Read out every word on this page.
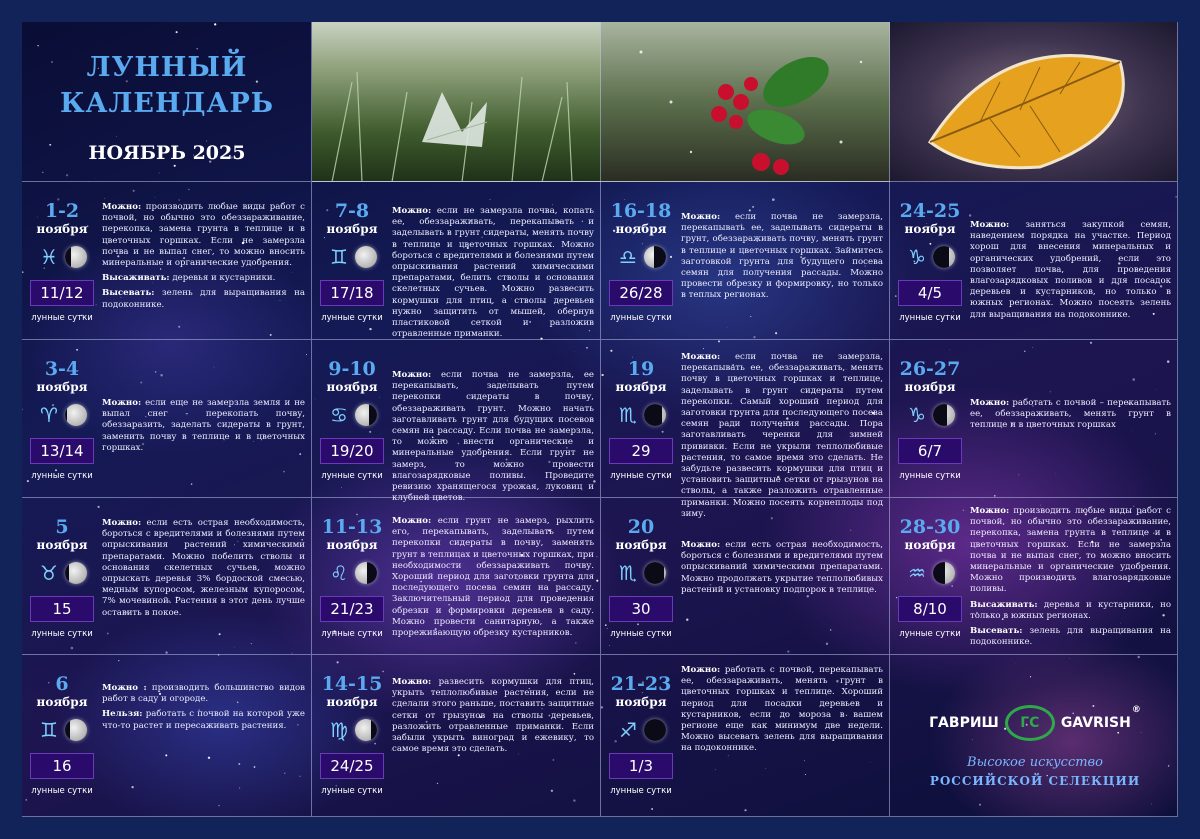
ЛУННЫЙ
КАЛЕНДАРЬ
НОЯБРЬ 2025
1-2
ноября
♓
11/12
лунные сутки

Можно: производить любые виды работ с почвой, но обычно это обеззараживание, перекопка, замена грунта в теплице и в цветочных горшках. Если не замерзла почва и не выпал снег, то можно вносить минеральные и органические удобрения.

Высаживать: деревья и кустарники.

Высевать: зелень для выращивания на подоконнике.

7-8
ноября
♊
17/18
лунные сутки

Можно: если не замерзла почва, копать ее, обеззараживать, перекапывать и заделывать в грунт сидераты, менять почву в теплице и цветочных горшках. Можно бороться с вредителями и болезнями путем опрыскивания растений химическими препаратами, белить стволы и основания скелетных сучьев. Можно развесить кормушки для птиц, а стволы деревьев нужно защитить от мышей, обернув пластиковой сеткой и разложив отравленные приманки.

16-18
ноября
♎
26/28
лунные сутки

Можно: если почва не замерзла, перекапывать ее, заделывать сидераты в грунт, обеззараживать почву, менять грунт в теплице и цветочных горшках. Займитесь заготовкой грунта для будущего посева семян для получения рассады. Можно провести обрезку и формировку, но только в теплых регионах.

24-25
ноября
♑
4/5
лунные сутки

Можно: заняться закупкой семян, наведением порядка на участке. Период хорош для внесения минеральных и органических удобрений, если это позволяет почва, для проведения влагозарядковых поливов и для посадок деревьев и кустарников, но только в южных регионах. Можно посеять зелень для выращивания на подоконнике.

3-4
ноября
♈
13/14
лунные сутки

Можно: если еще не замерзла земля и не выпал снег - перекопать почву, обеззаразить, заделать сидераты в грунт, заменить почву в теплице и в цветочных горшках.

9-10
ноября
♋
19/20
лунные сутки

Можно: если почва не замерзла, ее перекапывать, заделывать путем перекопки сидераты в почву, обеззараживать грунт. Можно начать заготавливать грунт для будущих посевов семян на рассаду. Если почва не замерзла, то можно внести органические и минеральные удобрения. Если грунт не замерз, то можно провести влагозарядковые поливы. Проведите ревизию хранящегося урожая, луковиц и клубней цветов.

19
ноября
♏
29
лунные сутки

Можно: если почва не замерзла, перекапывать ее, обеззараживать, менять почву в цветочных горшках и теплице, заделывать в грунт сидераты путем перекопки. Самый хороший период для заготовки грунта для последующего посева семян ради получения рассады. Пора заготавливать черенки для зимней прививки. Если не укрыли теплолюбивые растения, то самое время это сделать. Не забудьте развесить кормушки для птиц и установить защитные сетки от грызунов на стволы, а также разложить отравленные приманки. Можно посеять корнеплоды под зиму.

26-27
ноября
♑
6/7
лунные сутки

Можно: работать с почвой – перекапывать ее, обеззараживать, менять грунт в теплице и в цветочных горшках

5
ноября
♉
15
лунные сутки

Можно: если есть острая необходимость, бороться с вредителями и болезнями путем опрыскивания растений химическими препаратами. Можно побелить стволы и основания скелетных сучьев, можно опрыскать деревья 3% бордоской смесью, медным купоросом, железным купоросом, 7% мочевиной. Растения в этот день лучше оставить в покое.

11-13
ноября
♌
21/23
лунные сутки

Можно: если грунт не замерз, рыхлить его, перекапывать, заделывать путем перекопки сидераты в почву, заменять грунт в теплицах и цветочных горшках, при необходимости обеззараживать почву. Хороший период для заготовки грунта для последующего посева семян на рассаду. Заключительный период для проведения обрезки и формировки деревьев в саду. Можно провести санитарную, а также прореживающую обрезку кустарников.

20
ноября
♏
30
лунные сутки

Можно: если есть острая необходимость, бороться с болезнями и вредителями путем опрыскиваний химическими препаратами. Можно продолжать укрытие теплолюбивых растений и установку подпорок в теплице.

28-30
ноября
♒
8/10
лунные сутки

Можно: производить любые виды работ с почвой, но обычно это обеззараживание, перекопка, замена грунта в теплице и в цветочных горшках. Если не замерзла почва и не выпал снег, то можно вносить минеральные и органические удобрения. Можно производить влагозарядковые поливы.

Высаживать: деревья и кустарники, но только в южных регионах.

Высевать: зелень для выращивания на подоконнике.

6
ноября
♊
16
лунные сутки

Можно : производить большинство видов работ в саду и огороде.

Нельзя: работать с почвой на которой уже что-то растет и пересаживать растения.

14-15
ноября
♍
24/25
лунные сутки

Можно: развесить кормушки для птиц, укрыть теплолюбивые растения, если не сделали этого раньше, поставить защитные сетки от грызунов на стволы деревьев, разложить отравленные приманки. Если забыли укрыть виноград и ежевику, то самое время это сделать.

21-23
ноября
♐
1/3
лунные сутки

Можно: работать с почвой, перекапывать ее, обеззараживать, менять грунт в цветочных горшках и теплице. Хороший период для посадки деревьев и кустарников, если до мороза в вашем регионе еще как минимум две недели. Можно высевать зелень для выращивания на подоконнике.

ГАВРИШ	ГС	GAVRISH
®
Высокое искусство
РОССИЙСКОЙ СЕЛЕКЦИИ
